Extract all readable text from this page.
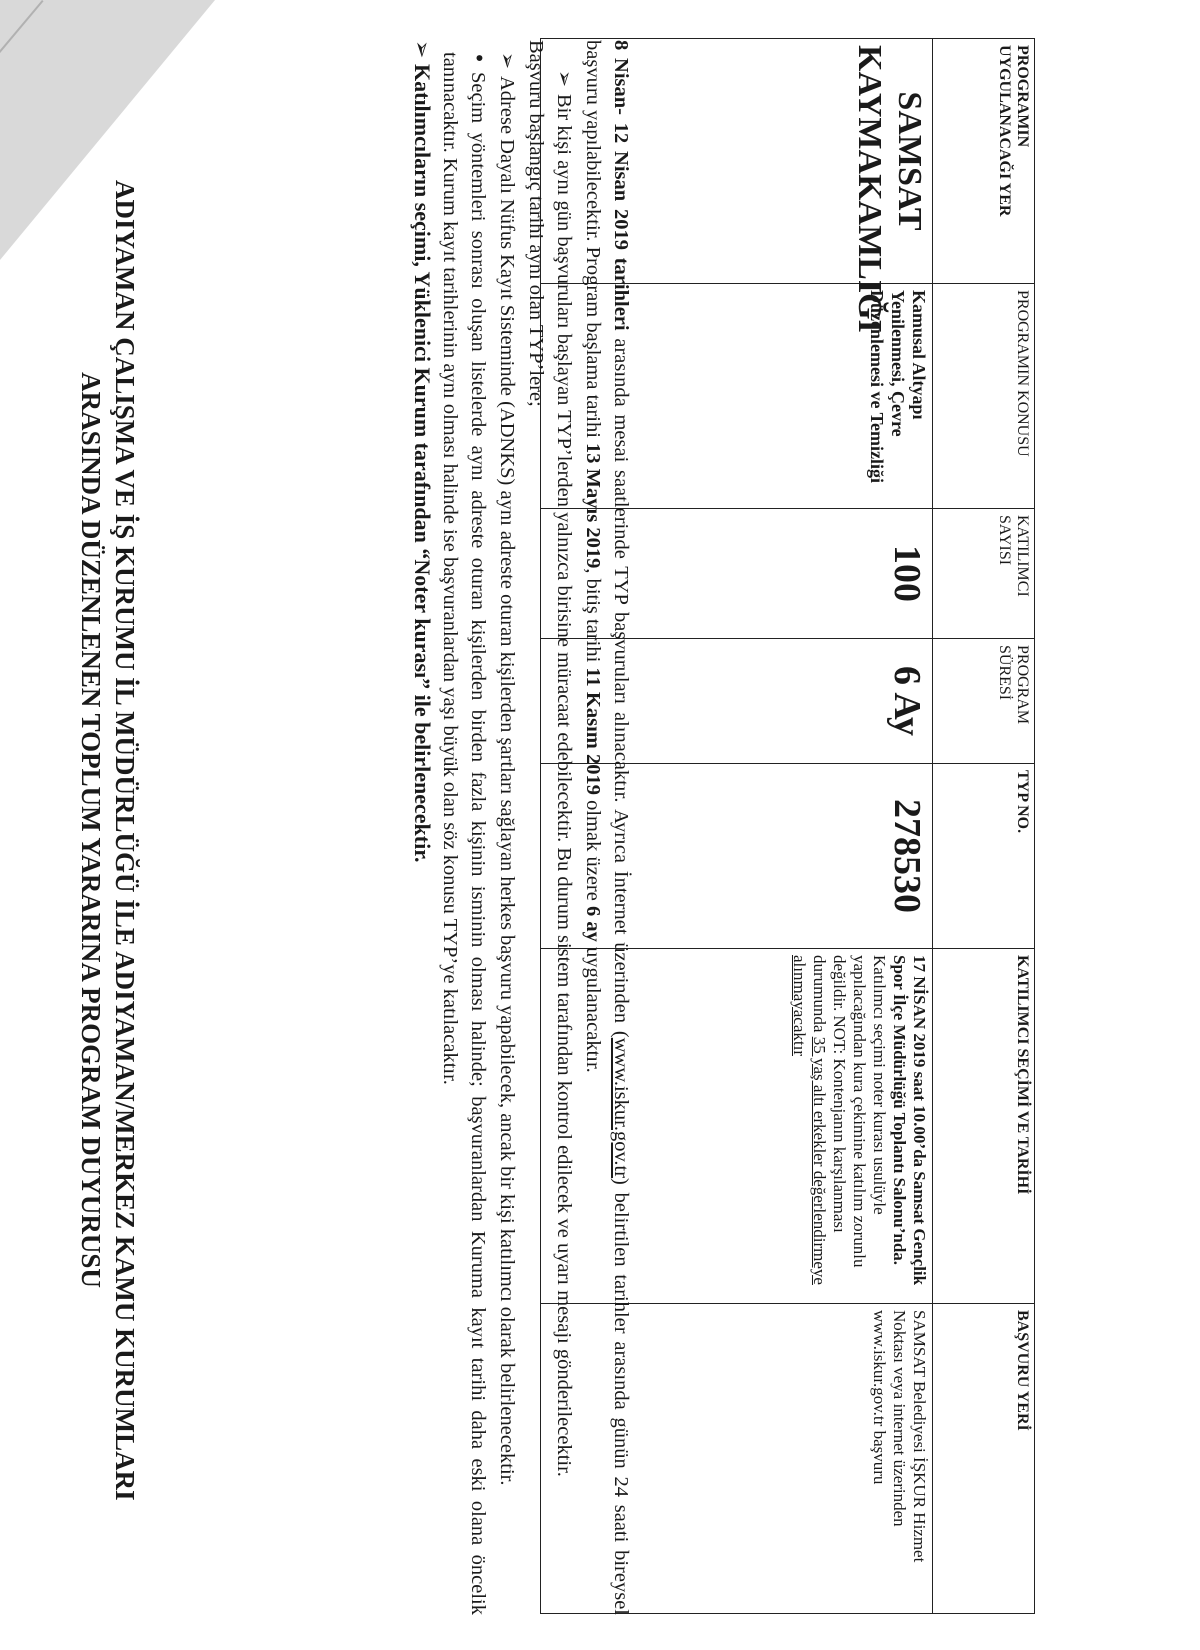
ADIYAMAN ÇALIŞMA VE İŞ KURUMU İL MÜDÜRLÜĞÜ İLE ADIYAMAN/MERKEZ KAMU KURUMLARI
ARASINDA DÜZENLENEN TOPLUM YARARINA PROGRAM DUYURUSU
PROGRAMIN UYGULANACAĞI YER	PROGRAMIN KONUSU	KATILIMCI SAYISI	PROGRAM SÜRESİ	TYP NO.	KATILIMCI SEÇİMİ VE TARİHİ	BAŞVURU YERİ
SAMSAT KAYMAKAMLIĞI	Kamusal Altyapı Yenilenmesi, Çevre Düzenlemesi ve Temizliği	100	6 Ay	278530	17 NİSAN 2019 saat 10.00’da Samsat Gençlik Spor İlçe Müdürlüğü Toplantı Salonu’nda. Katılımcı seçimi noter kurası usulüyle yapılacağından kura çekimine katılım zorunlu değildir. NOT: Kontenjanın karşılanması durumunda 35 yaş altı erkekler değerlendirmeye alınmayacaktır	SAMSAT Belediyesi İŞKUR Hizmet Noktası veya internet üzerinden www.iskur.gov.tr başvuru

8 Nisan- 12 Nisan 2019 tarihleri arasında mesai saatlerinde TYP başvuruları alınacaktır. Ayrıca İnternet üzerinden (www.iskur.gov.tr) belirtilen tarihler arasında günün 24 saati bireysel başvuru yapılabilecektir. Program başlama tarihi 13 Mayıs 2019, bitiş tarihi 11 Kasım 2019 olmak üzere 6 ay uygulanacaktır.

➢Bir kişi aynı gün başvuruları başlayan TYP’lerden yalnızca birisine müracaat edebilecektir. Bu durum sistem tarafından kontrol edilecek ve uyarı mesajı gönderilecektir.

Başvuru başlangıç tarihi aynı olan TYP’lere;

➢Adrese Dayalı Nüfus Kayıt Sisteminde (ADNKS) aynı adreste oturan kişilerden şartları sağlayan herkes başvuru yapabilecek, ancak bir kişi katılımcı olarak belirlenecektir.

•Seçim yöntemleri sonrası oluşan listelerde aynı adreste oturan kişilerden birden fazla kişinin isminin olması halinde; başvuranlardan Kuruma kayıt tarihi daha eski olana öncelik tanınacaktır. Kurum kayıt tarihlerinin aynı olması halinde ise başvuranlardan yaşı büyük olan söz konusu TYP’ye katılacaktır.

➢Katılımcıların seçimi, Yüklenici Kurum tarafından “Noter kurası” ile belirlenecektir.
